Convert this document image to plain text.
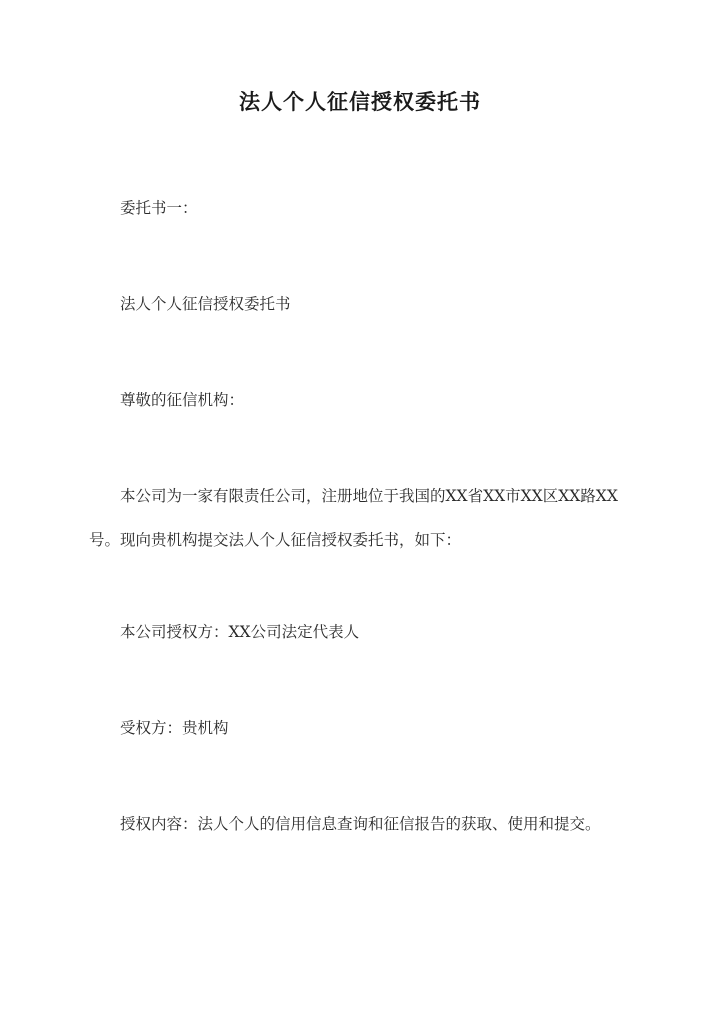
法人个人征信授权委托书

委托书一：

法人个人征信授权委托书

尊敬的征信机构：

本公司为一家有限责任公司，注册地位于我国的XX省XX市XX区XX路XX号。现向贵机构提交法人个人征信授权委托书，如下：

本公司授权方：XX公司法定代表人

受权方：贵机构

授权内容：法人个人的信用信息查询和征信报告的获取、使用和提交。
